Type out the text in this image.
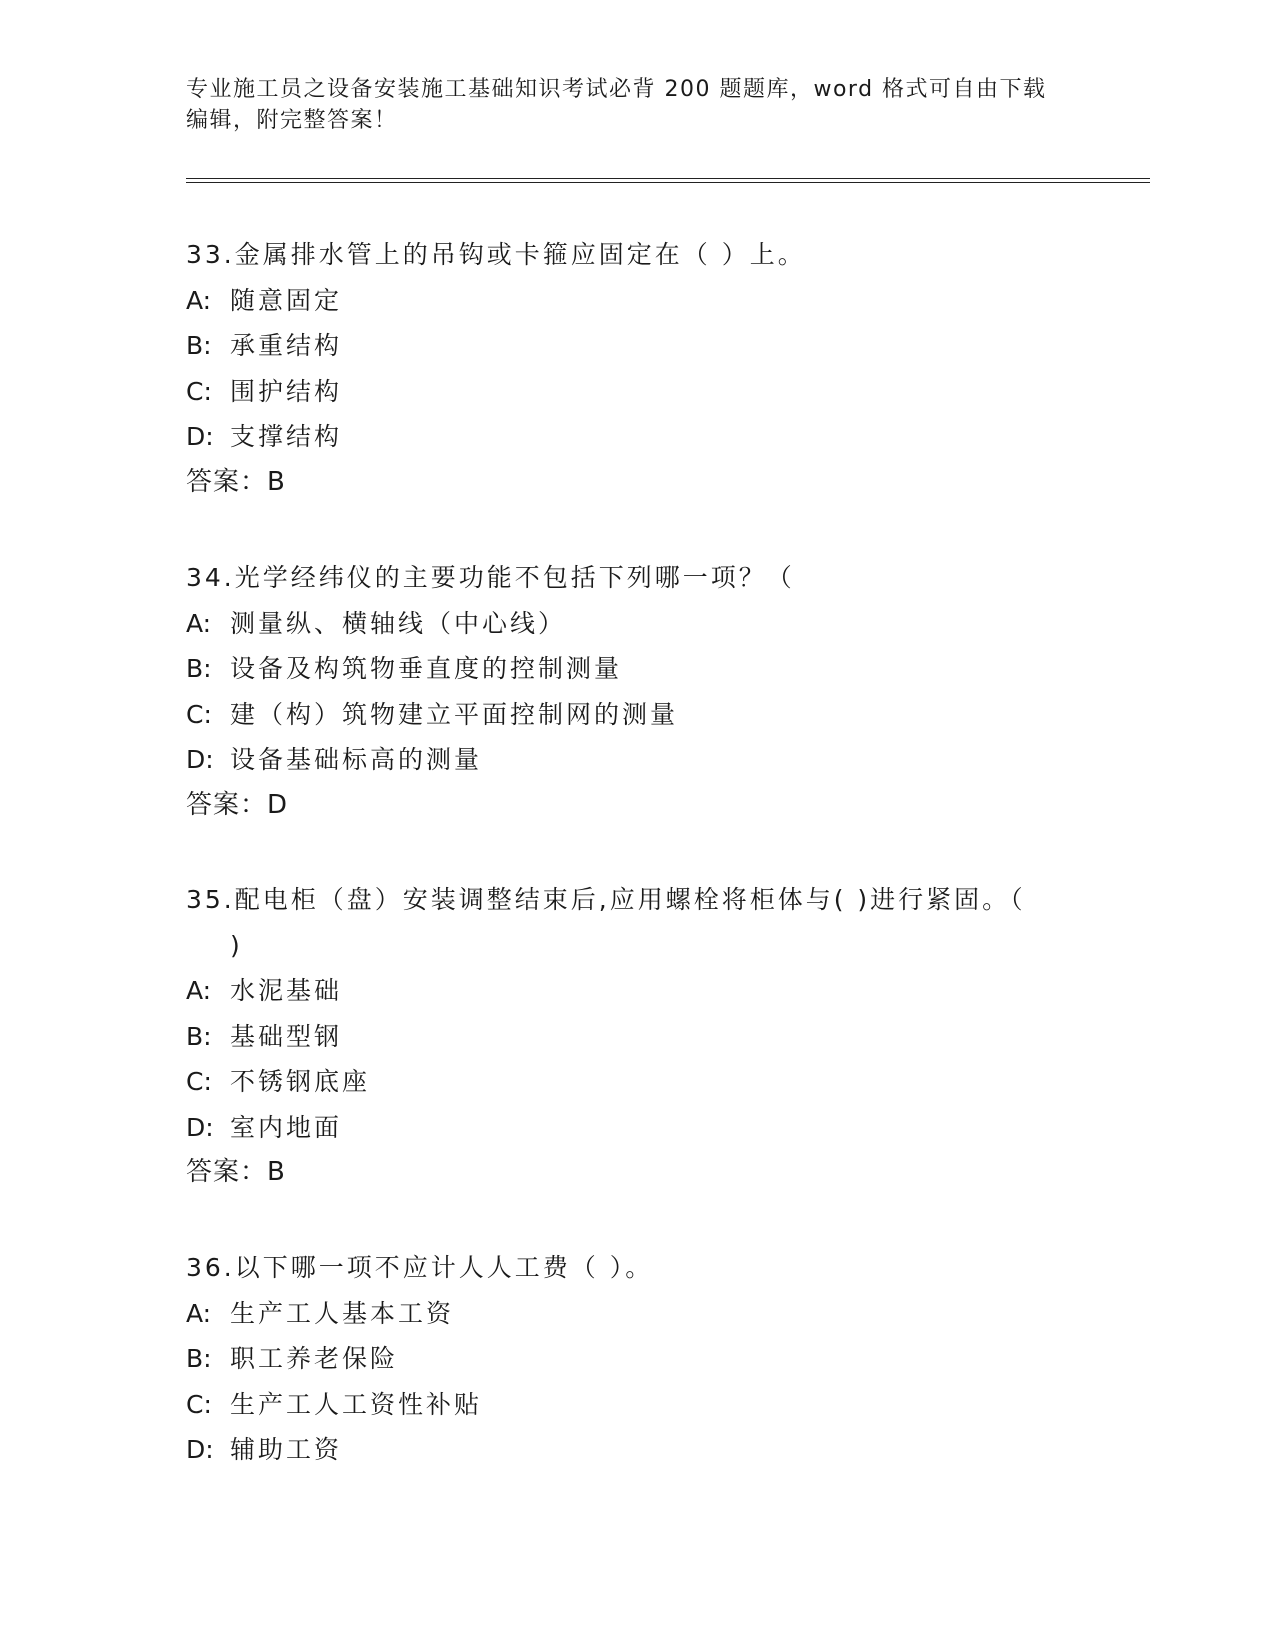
专业施工员之设备安装施工基础知识考试必背 200 题题库，word 格式可自由下载
编辑，附完整答案！
33.金属排水管上的吊钩或卡箍应固定在（ ）上。
A: 随意固定
B: 承重结构
C: 围护结构
D: 支撑结构
答案：B
34.光学经纬仪的主要功能不包括下列哪一项？（
A: 测量纵、横轴线（中心线）
B: 设备及构筑物垂直度的控制测量
C: 建（构）筑物建立平面控制网的测量
D: 设备基础标高的测量
答案：D
35.配电柜（盘）安装调整结束后,应用螺栓将柜体与( )进行紧固。（
)
A: 水泥基础
B: 基础型钢
C: 不锈钢底座
D: 室内地面
答案：B
36.以下哪一项不应计人人工费（ ）。
A: 生产工人基本工资
B: 职工养老保险
C: 生产工人工资性补贴
D: 辅助工资
